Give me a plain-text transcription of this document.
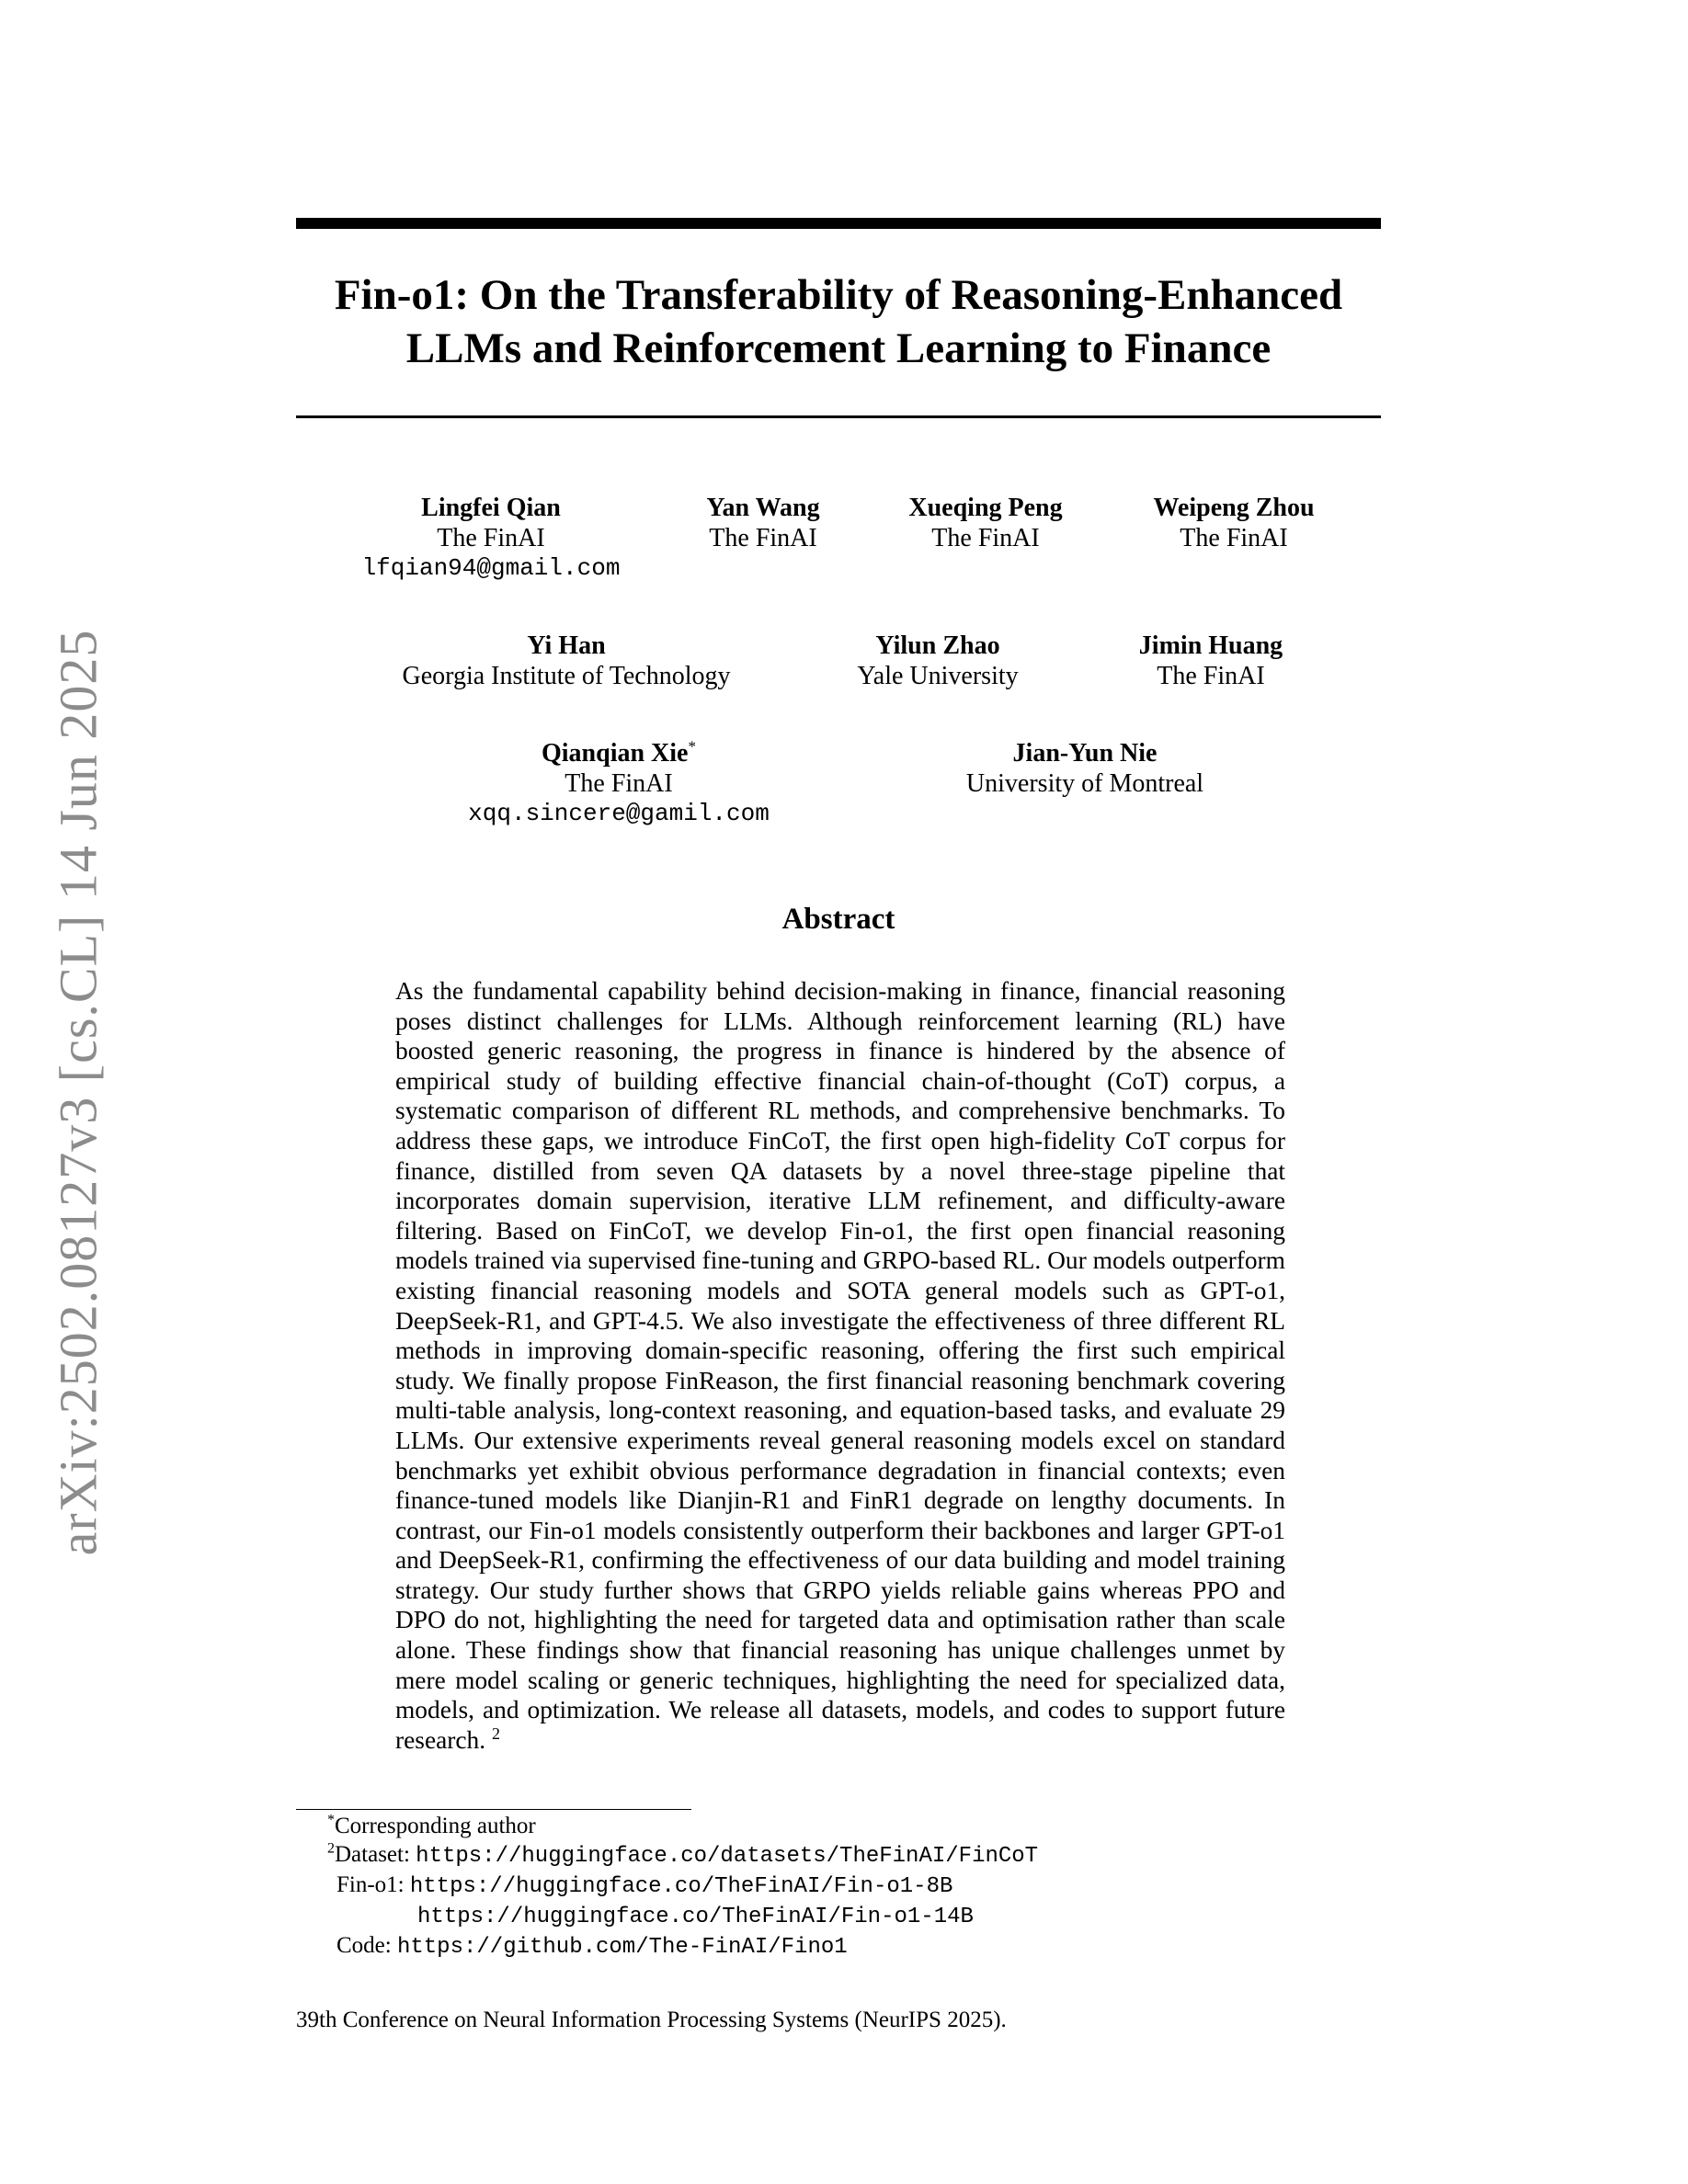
arXiv:2502.08127v3 [cs.CL] 14 Jun 2025
Fin-o1: On the Transferability of Reasoning-Enhanced
LLMs and Reinforcement Learning to Finance
Lingfei Qian
The FinAI
lfqian94@gmail.com
Yan Wang
The FinAI
Xueqing Peng
The FinAI
Weipeng Zhou
The FinAI
Yi Han
Georgia Institute of Technology
Yilun Zhao
Yale University
Jimin Huang
The FinAI
Qianqian Xie*
The FinAI
xqq.sincere@gamil.com
Jian-Yun Nie
University of Montreal
Abstract

As the fundamental capability behind decision-making in finance, financial reasoning poses distinct challenges for LLMs. Although reinforcement learning (RL) have boosted generic reasoning, the progress in finance is hindered by the absence of empirical study of building effective financial chain-of-thought (CoT) corpus, a systematic comparison of different RL methods, and comprehensive benchmarks. To address these gaps, we introduce FinCoT, the first open high-fidelity CoT corpus for finance, distilled from seven QA datasets by a novel three-stage pipeline that incorporates domain supervision, iterative LLM refinement, and difficulty-aware filtering. Based on FinCoT, we develop Fin-o1, the first open financial reasoning models trained via supervised fine-tuning and GRPO-based RL. Our models outperform existing financial reasoning models and SOTA general models such as GPT-o1, DeepSeek-R1, and GPT-4.5. We also investigate the effectiveness of three different RL methods in improving domain-specific reasoning, offering the first such empirical study. We finally propose FinReason, the first financial reasoning benchmark covering multi-table analysis, long-context reasoning, and equation-based tasks, and evaluate 29 LLMs. Our extensive experiments reveal general reasoning models excel on standard benchmarks yet exhibit obvious performance degradation in financial contexts; even finance-tuned models like Dianjin-R1 and FinR1 degrade on lengthy documents. In contrast, our Fin-o1 models consistently outperform their backbones and larger GPT-o1 and DeepSeek-R1, confirming the effectiveness of our data building and model training strategy. Our study further shows that GRPO yields reliable gains whereas PPO and DPO do not, highlighting the need for targeted data and optimisation rather than scale alone. These findings show that financial reasoning has unique challenges unmet by mere model scaling or generic techniques, highlighting the need for specialized data, models, and optimization. We release all datasets, models, and codes to support future research. $^2$

*Corresponding author
$^2$Dataset: https://huggingface.co/datasets/TheFinAI/FinCoT
Fin-o1: https://huggingface.co/TheFinAI/Fin-o1-8B
https://huggingface.co/TheFinAI/Fin-o1-14B
Code: https://github.com/The-FinAI/Fino1
39th Conference on Neural Information Processing Systems (NeurIPS 2025).
